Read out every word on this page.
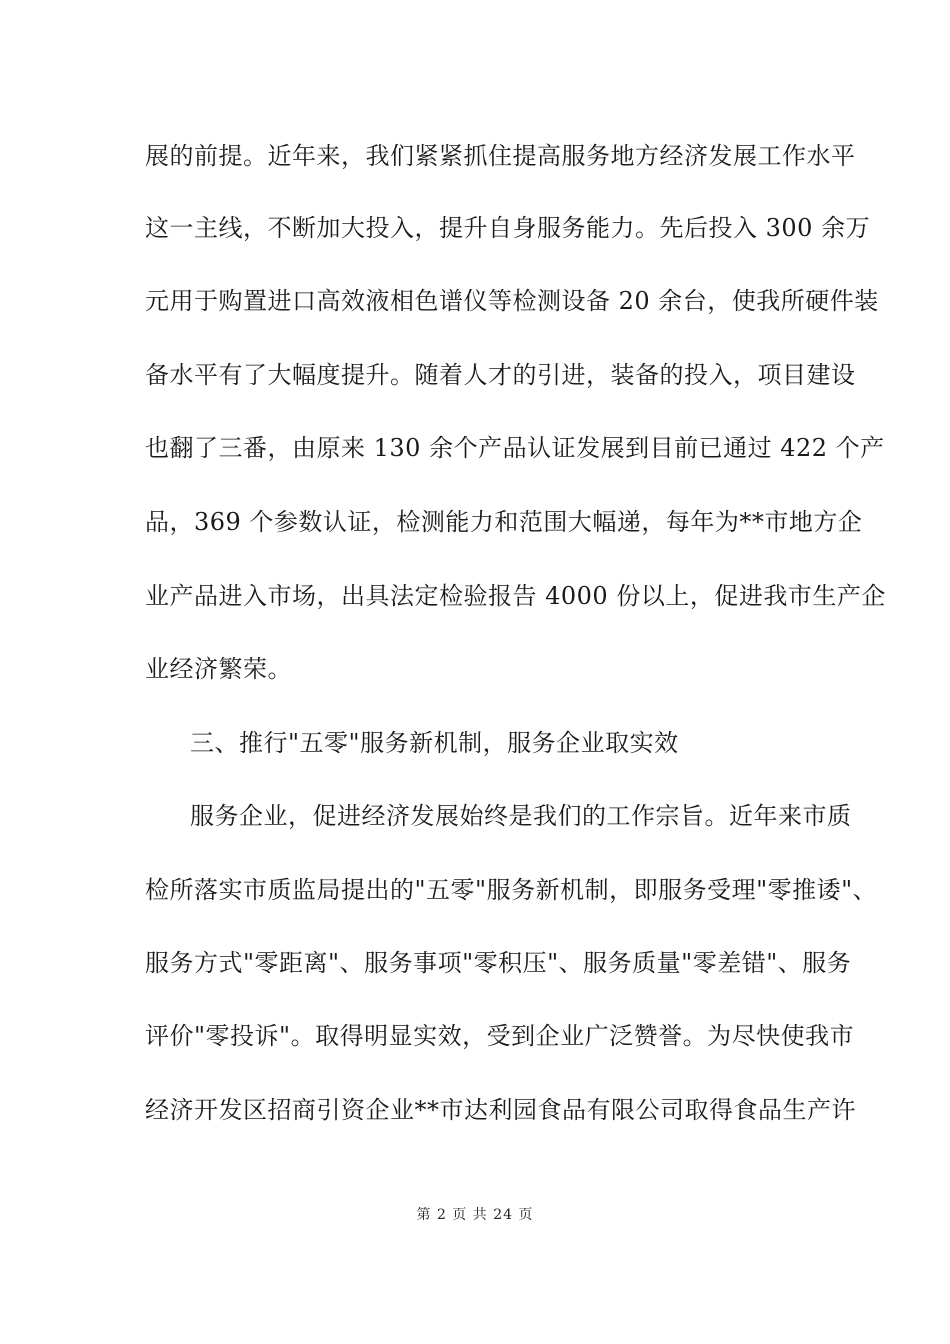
展的前提。近年来，我们紧紧抓住提高服务地方经济发展工作水平
这一主线，不断加大投入，提升自身服务能力。先后投入 300 余万
元用于购置进口高效液相色谱仪等检测设备 20 余台，使我所硬件装
备水平有了大幅度提升。随着人才的引进，装备的投入，项目建设
也翻了三番，由原来 130 余个产品认证发展到目前已通过 422 个产
品，369 个参数认证，检测能力和范围大幅递，每年为**市地方企
业产品进入市场，出具法定检验报告 4000 份以上，促进我市生产企
业经济繁荣。
三、推行"五零"服务新机制，服务企业取实效
服务企业，促进经济发展始终是我们的工作宗旨。近年来市质
检所落实市质监局提出的"五零"服务新机制，即服务受理"零推诿"、
服务方式"零距离"、服务事项"零积压"、服务质量"零差错"、服务
评价"零投诉"。取得明显实效，受到企业广泛赞誉。为尽快使我市
经济开发区招商引资企业**市达利园食品有限公司取得食品生产许
第 2 页 共 24 页
